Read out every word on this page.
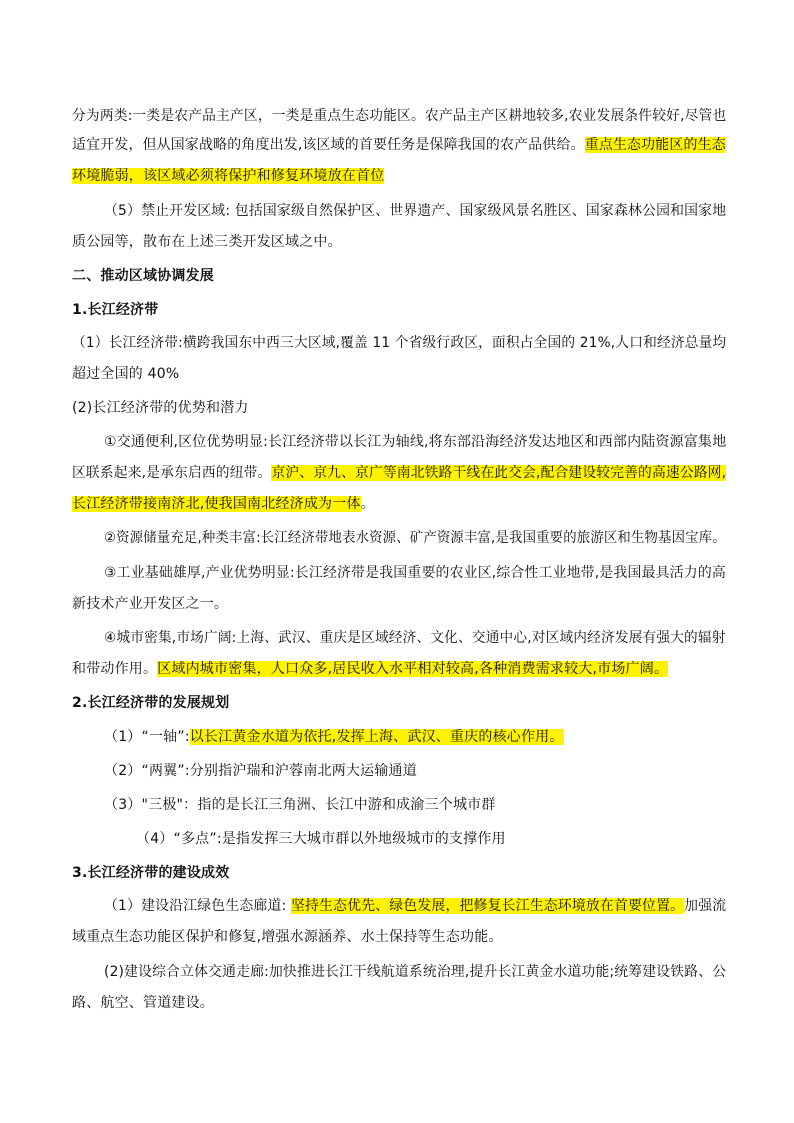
分为两类:一类是农产品主产区，一类是重点生态功能区。农产品主产区耕地较多,农业发展条件较好,尽管也
适宜开发，但从国家战略的角度出发,该区域的首要任务是保障我国的农产品供给。重点生态功能区的生态
环境脆弱，该区域必须将保护和修复环境放在首位
（5）禁止开发区域: 包括国家级自然保护区、世界遗产、国家级风景名胜区、国家森林公园和国家地
质公园等，散布在上述三类开发区域之中。
二、推动区域协调发展
1.长江经济带
（1）长江经济带:横跨我国东中西三大区域,覆盖 11 个省级行政区，面积占全国的 21%,人口和经济总量均
超过全国的 40%
(2)长江经济带的优势和潜力
①交通便利,区位优势明显:长江经济带以长江为轴线,将东部沿海经济发达地区和西部内陆资源富集地
区联系起来,是承东启西的纽带。京沪、京九、京广等南北铁路干线在此交会,配合建设较完善的高速公路网,
长江经济带接南济北,使我国南北经济成为一体。
②资源储量充足,种类丰富:长江经济带地表水资源、矿产资源丰富,是我国重要的旅游区和生物基因宝库。
③工业基础雄厚,产业优势明显:长江经济带是我国重要的农业区,综合性工业地带,是我国最具活力的高
新技术产业开发区之一。
④城市密集,市场广阔:上海、武汉、重庆是区域经济、文化、交通中心,对区域内经济发展有强大的辐射
和带动作用。区域内城市密集，人口众多,居民收入水平相对较高,各种消费需求较大,市场广阔。
2.长江经济带的发展规划
（1）“一轴”:以长江黄金水道为依托,发挥上海、武汉、重庆的核心作用。
（2）“两翼”:分别指沪瑞和沪蓉南北两大运输通道
（3）"三极"：指的是长江三角洲、长江中游和成渝三个城市群
（4）“多点”:是指发挥三大城市群以外地级城市的支撑作用
3.长江经济带的建设成效
（1）建设沿江绿色生态廊道: 坚持生态优先、绿色发展，把修复长江生态环境放在首要位置。加强流
域重点生态功能区保护和修复,增强水源涵养、水土保持等生态功能。
(2)建设综合立体交通走廊:加快推进长江干线航道系统治理,提升长江黄金水道功能;统筹建设铁路、公
路、航空、管道建设。
